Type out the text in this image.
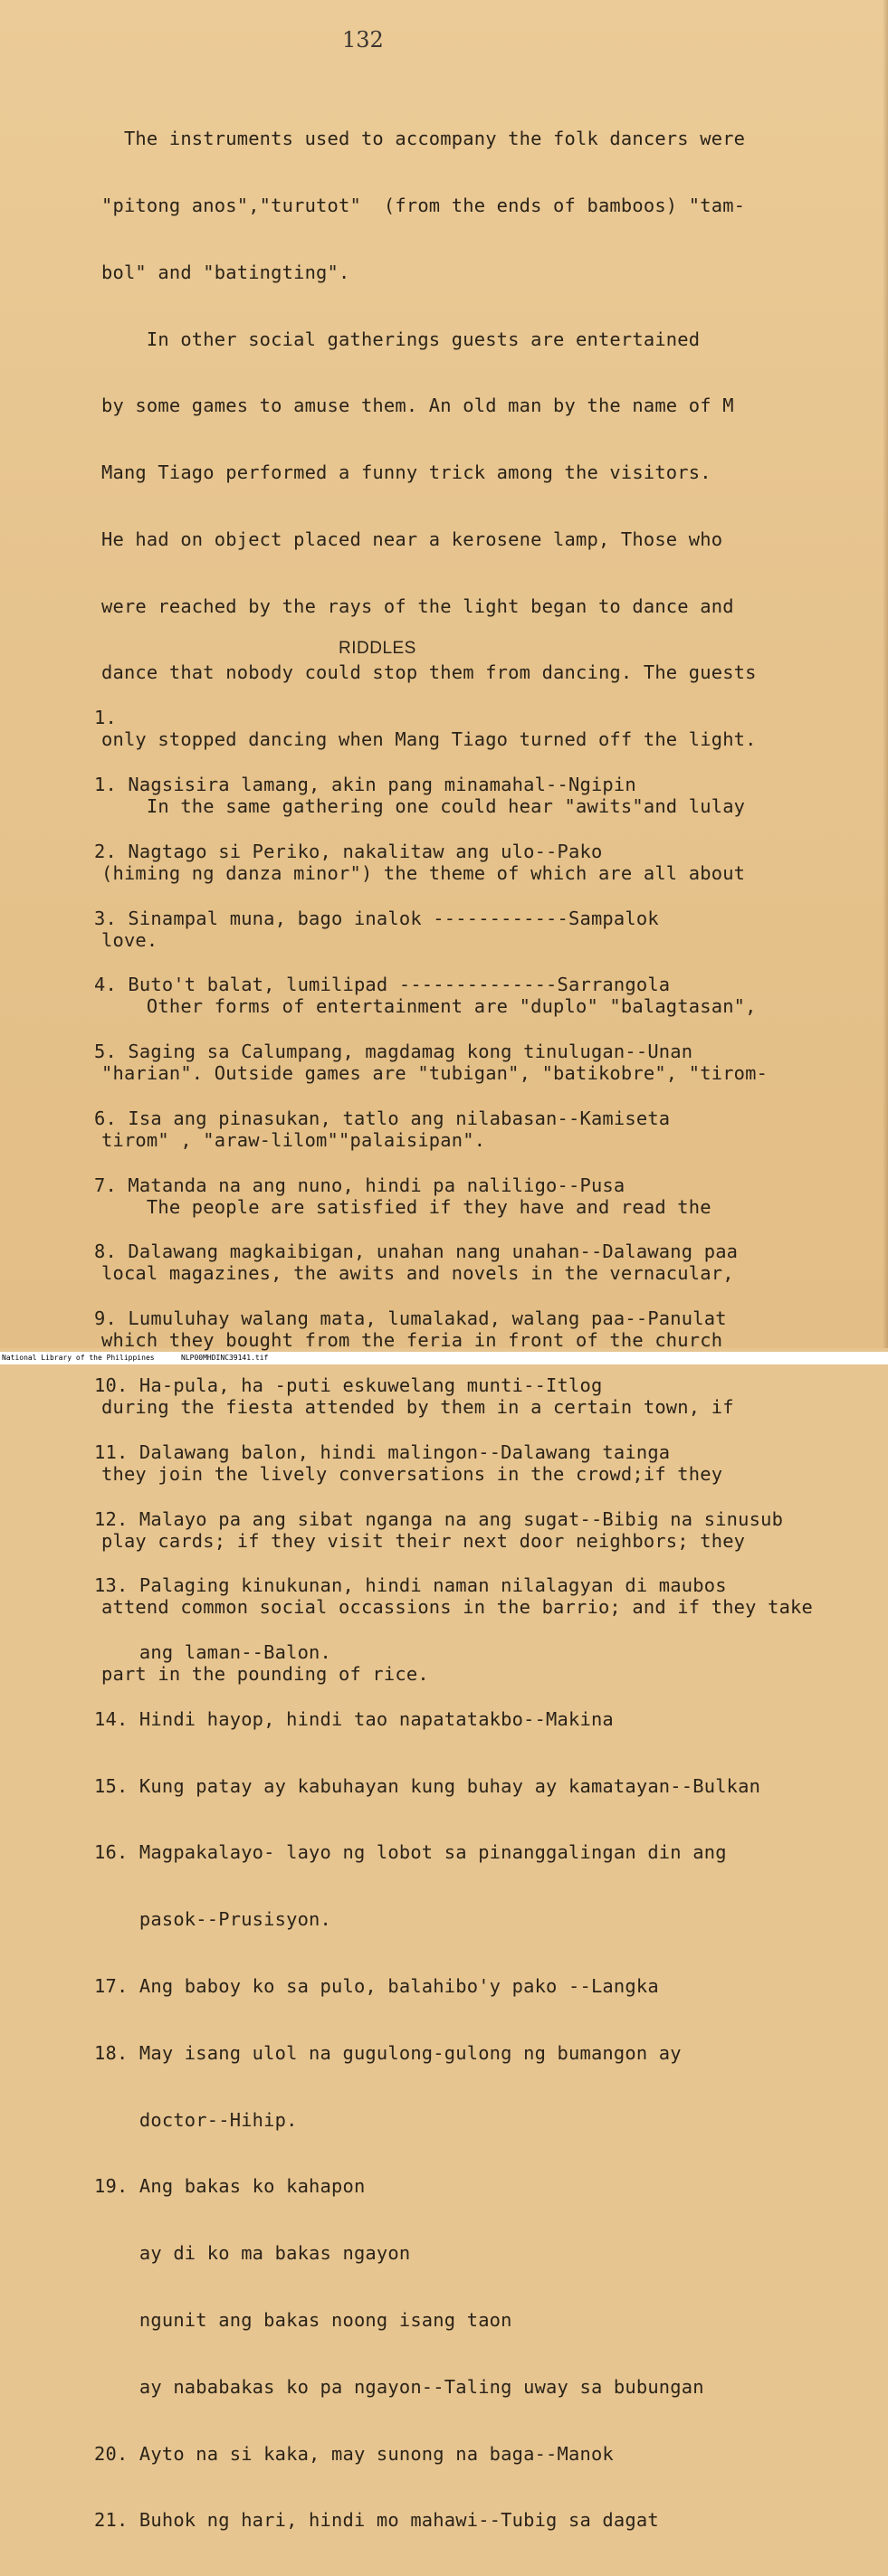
132

The instruments used to accompany the folk dancers were

"pitong anos","turutot"  (from the ends of bamboos) "tam-

bol" and "batingting".

In other social gatherings guests are entertained

by some games to amuse them. An old man by the name of M

Mang Tiago performed a funny trick among the visitors.

He had on object placed near a kerosene lamp, Those who

were reached by the rays of the light began to dance and

dance that nobody could stop them from dancing. The guests

only stopped dancing when Mang Tiago turned off the light.

In the same gathering one could hear "awits"and lulay

(himing ng danza minor") the theme of which are all about

love.

Other forms of entertainment are "duplo" "balagtasan",

"harian". Outside games are "tubigan", "batikobre", "tirom-

tirom" , "araw-lilom""palaisipan".

The people are satisfied if they have and read the

local magazines, the awits and novels in the vernacular,

which they bought from the feria in front of the church

during the fiesta attended by them in a certain town, if

they join the lively conversations in the crowd;if they

play cards; if they visit their next door neighbors; they

attend common social occassions in the barrio; and if they take

part in the pounding of rice.

RIDDLES

1.

1. Nagsisira lamang, akin pang minamahal--Ngipin

2. Nagtago si Periko, nakalitaw ang ulo--Pako

3. Sinampal muna, bago inalok ------------Sampalok

4. Buto't balat, lumilipad --------------Sarrangola

5. Saging sa Calumpang, magdamag kong tinulugan--Unan

6. Isa ang pinasukan, tatlo ang nilabasan--Kamiseta

7. Matanda na ang nuno, hindi pa naliligo--Pusa

8. Dalawang magkaibigan, unahan nang unahan--Dalawang paa

9. Lumuluhay walang mata, lumalakad, walang paa--Panulat

10. Ha-pula, ha -puti eskuwelang munti--Itlog

11. Dalawang balon, hindi malingon--Dalawang tainga

12. Malayo pa ang sibat nganga na ang sugat--Bibig na sinusub

13. Palaging kinukunan, hindi naman nilalagyan di maubos

ang laman--Balon.

14. Hindi hayop, hindi tao napatatakbo--Makina

15. Kung patay ay kabuhayan kung buhay ay kamatayan--Bulkan

16. Magpakalayo- layo ng lobot sa pinanggalingan din ang

pasok--Prusisyon.

17. Ang baboy ko sa pulo, balahibo'y pako --Langka

18. May isang ulol na gugulong-gulong ng bumangon ay

doctor--Hihip.

19. Ang bakas ko kahapon

ay di ko ma bakas ngayon

ngunit ang bakas noong isang taon

ay nababakas ko pa ngayon--Taling uway sa bubungan

20. Ayto na si kaka, may sunong na baga--Manok

21. Buhok ng hari, hindi mo mahawi--Tubig sa dagat

National Library of the Philippines	NLP00MHDINC39141.tif
